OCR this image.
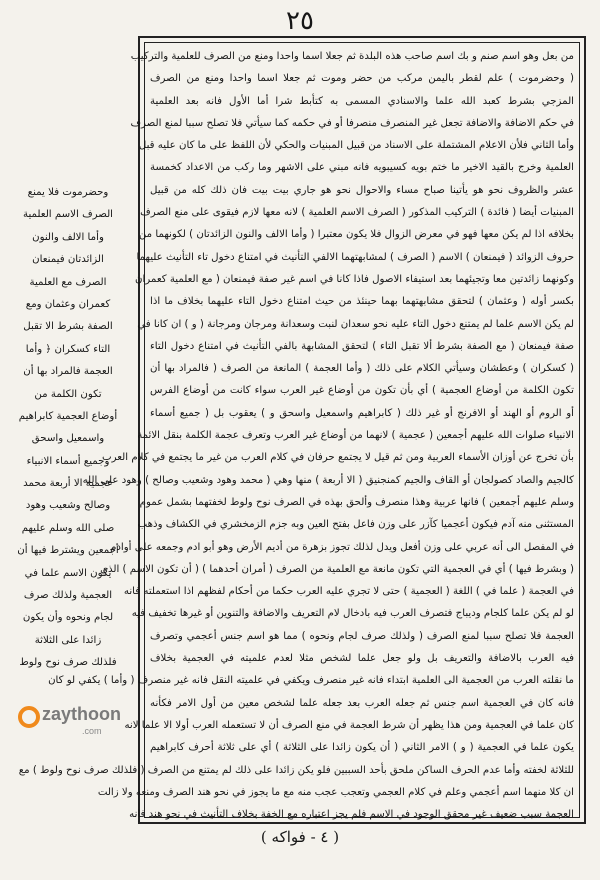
٢٥
من بعل وهو اسم صنم و بك اسم صاحب هذه البلدة ثم جعلا اسما واحدا ومنع من الصرف للعلمية والتركيب
( وحضرموت ) علم لقطر باليمن مركب من حضر وموت ثم جعلا اسما واحدا ومنع من الصرف
المزجي بشرط كعبد الله علما والاسنادي المسمى به كتأبط شرا أما الأول فانه بعد العلمية
في حكم الاضافة والاضافة تجعل غير المنصرف منصرفا أو في حكمه كما سيأتي فلا تصلح سببا لمنع الصرف
وأما الثاني فلأن الاعلام المشتملة على الاسناد من قبيل المبنيات والحكي لأن اللفظ على ما كان عليه قبل
العلمية وخرج بالقيد الاخير ما ختم بويه كسيبويه فانه مبني على الاشهر وما ركب من الاعداد كخمسة
عشر والظروف نحو هو يأتينا صباح مساء والاحوال نحو هو جاري بيت بيت فان ذلك كله من قبيل
المبنيات أيضا ( فائدة ) التركيب المذكور ( الصرف الاسم العلمية ) لانه معها لازم فيقوى على منع الصرف
بخلافه اذا لم يكن معها فهو في معرض الزوال فلا يكون معتبرا ( وأما الالف والنون الزائدتان ) لكونهما من
حروف الزوائد ( فيمنعان ) الاسم ( الصرف ) لمشابهتهما الالفي التأنيث في امتناع دخول تاء التأنيث عليهما
وكونهما زائدتين معا وتجيئهما بعد استيفاء الاصول فاذا كانا في اسم غير صفة فيمنعان ( مع العلمية كعمران
بكسر أوله ( وعثمان ) لتحقق مشابهتهما بهما حينئذ من حيث امتناع دخول التاء عليهما بخلاف ما اذا
لم يكن الاسم علما لم يمتنع دخول التاء عليه نحو سعدان لنبت وسعدانة ومرجان ومرجانة ( و ) ان كانا في
صفة فيمنعان ( مع الصفة بشرط ألا تقبل التاء ) لتحقق المشابهة بالفي التأنيث في امتناع دخول التاء
( كسكران ) وعطشان وسيأتي الكلام على ذلك ( وأما العجمة ) المانعة من الصرف ( فالمراد بها أن
تكون الكلمة من أوضاع العجمية ) أي بأن تكون من أوضاع غير العرب سواء كانت من أوضاع الفرس
أو الروم أو الهند أو الافرنج أو غير ذلك ( كابراهيم واسمعيل واسحق و ) يعقوب بل ( جميع أسماء
الانبياء صلوات الله عليهم أجمعين ( عجمية ) لانهما من أوضاع غير العرب وتعرف عجمة الكلمة بنقل الائمة
بأن تخرج عن أوزان الأسماء العربية ومن ثم قيل لا يجتمع حرفان في كلام العرب من غير ما يجتمع في كلام العرب
كالجيم والصاد كصولجان أو القاف والجيم كمنجنيق ( الا أربعة ) منها وهي ( محمد وهود وشعيب وصالح ) وهود على الله
وسلم عليهم أجمعين ) فانها عربية وهذا منصرف وألحق بهذه في الصرف نوح ولوط لخفتهما بشمل عموم
المستثنى منه آدم فيكون أعجميا كآزر على وزن فاعل بفتح العين وبه جزم الزمخشري في الكشاف وذهب
في المفصل الى أنه عربي على وزن أفعل ويدل لذلك تجوز بزهرة من أديم الأرض وهو أبو ادم وجمعه على أوادم
( وبشرط فيها ) أي في العجمية التي تكون مانعة مع العلمية من الصرف ( أمران أحدهما ) ( أن تكون الاسم ) الذي
في العجمة ( علما في ) اللغة ( العجمية ) حتى لا تجري عليه العرب حكما من أحكام لفظهم اذا استعملته فانه
لو لم يكن علما كلجام وديباج فتصرف العرب فيه بادخال لام التعريف والاضافة والتنوين أو غيرها تخفيف فيه
العجمة فلا تصلح سببا لمنع الصرف ( ولذلك صرف لجام ونحوه ) مما هو اسم جنس أعجمي وتصرف
فيه العرب بالاضافة والتعريف بل ولو جعل علما لشخص مثلا لعدم علميته في العجمية بخلاف
ما نقلته العرب من العجمية الى العلمية ابتداء فانه غير منصرف ويكفي في علميته النقل فانه غير منصرف ( وأما ) يكفي لو كان
فانه كان في العجمية اسم جنس ثم جعله العرب بعد جعله علما لشخص معين من أول الامر فكأنه
كان علما في العجمية ومن هذا يظهر أن شرط العجمة في منع الصرف أن لا تستعمله العرب أولا الا علما لانه
يكون علما في العجمية ( و ) الامر الثاني ( أن يكون زائدا على الثلاثة ) أي على ثلاثة أحرف كابراهيم
للثلاثة لخفته وأما عدم الحرف الساكن ملحق بأحد السببين فلو يكن زائدا على ذلك لم يمتنع من الصرف ( فلذلك صرف نوح ولوط ) مع
ان كلا منهما اسم أعجمي وعلم في كلام العجمي وتعجب عجب منه مع ما يجوز في نحو هند الصرف ومنعه ولا زالت
العجمة سبب ضعيف غير محقق الوجود في الاسم فلم يجز اعتباره مع الخفة بخلاف التأنيث في نحو هند فانه
وحضرموت فلا يمنع
الصرف الاسم العلمية
وأما الالف والنون
الزائدتان فيمنعان
الصرف مع العلمية
كعمران وعثمان ومع
الصفة بشرط الا تقبل
التاء كسكران ﴿ وأما
العجمة فالمراد بها أن
تكون الكلمة من
أوضاع العجمية كابراهيم
واسمعيل واسحق
وجميع أسماء الانبياء
عجمية الا أربعة محمد
وصالح وشعيب وهود
صلى الله وسلم عليهم
أجمعين ويشترط فيها أن
يكون الاسم علما في
العجمية ولذلك صرف
لجام ونحوه وأن يكون
زائدا على الثلاثة
فلذلك صرف نوح ولوط
zaythoon
.com
( ٤ - فواكه )
